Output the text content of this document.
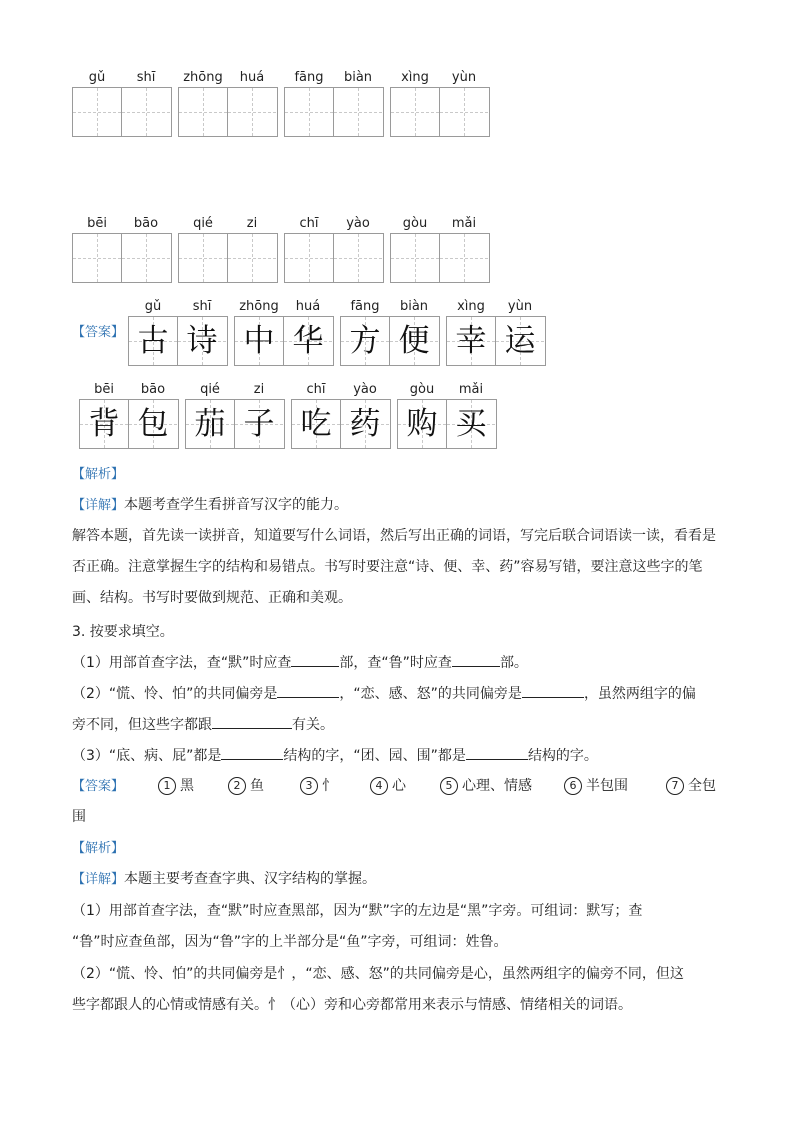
gǔ	shī	zhōng	huá	fāng	biàn	xìng	yùn
bēi	bāo	qié	zi	chī	yào	gòu	mǎi
【答案】
gǔ	shī	zhōng	huá	fāng	biàn	xìng	yùn
古 诗 中 华 方 便 幸 运
bēi	bāo	qié	zi	chī	yào	gòu	mǎi
背 包 茄 子 吃 药 购 买
【解析】
【详解】本题考查学生看拼音写汉字的能力。
解答本题，首先读一读拼音，知道要写什么词语，然后写出正确的词语，写完后联合词语读一读，看看是
否正确。注意掌握生字的结构和易错点。书写时要注意“诗、便、幸、药”容易写错，要注意这些字的笔
画、结构。书写时要做到规范、正确和美观。
3. 按要求填空。
（1）用部首查字法，查“默”时应查	部，查“鲁”时应查	部。
（2）“慌、怜、怕”的共同偏旁是	，“恋、感、怒”的共同偏旁是	，虽然两组字的偏
旁不同，但这些字都跟	有关。
（3）“底、病、屁”都是	结构的字，“团、园、围”都是	结构的字。
【答案】	1 黑	2 鱼	3 忄	4 心	5 心理、情感	6 半包围	7 全包
围
【解析】
【详解】本题主要考查查字典、汉字结构的掌握。
（1）用部首查字法，查“默”时应查黑部，因为“默”字的左边是“黑”字旁。可组词：默写；查
“鲁”时应查鱼部，因为“鲁”字的上半部分是“鱼”字旁，可组词：姓鲁。
（2）“慌、怜、怕”的共同偏旁是忄，“恋、感、怒”的共同偏旁是心，虽然两组字的偏旁不同，但这
些字都跟人的心情或情感有关。忄（心）旁和心旁都常用来表示与情感、情绪相关的词语。
